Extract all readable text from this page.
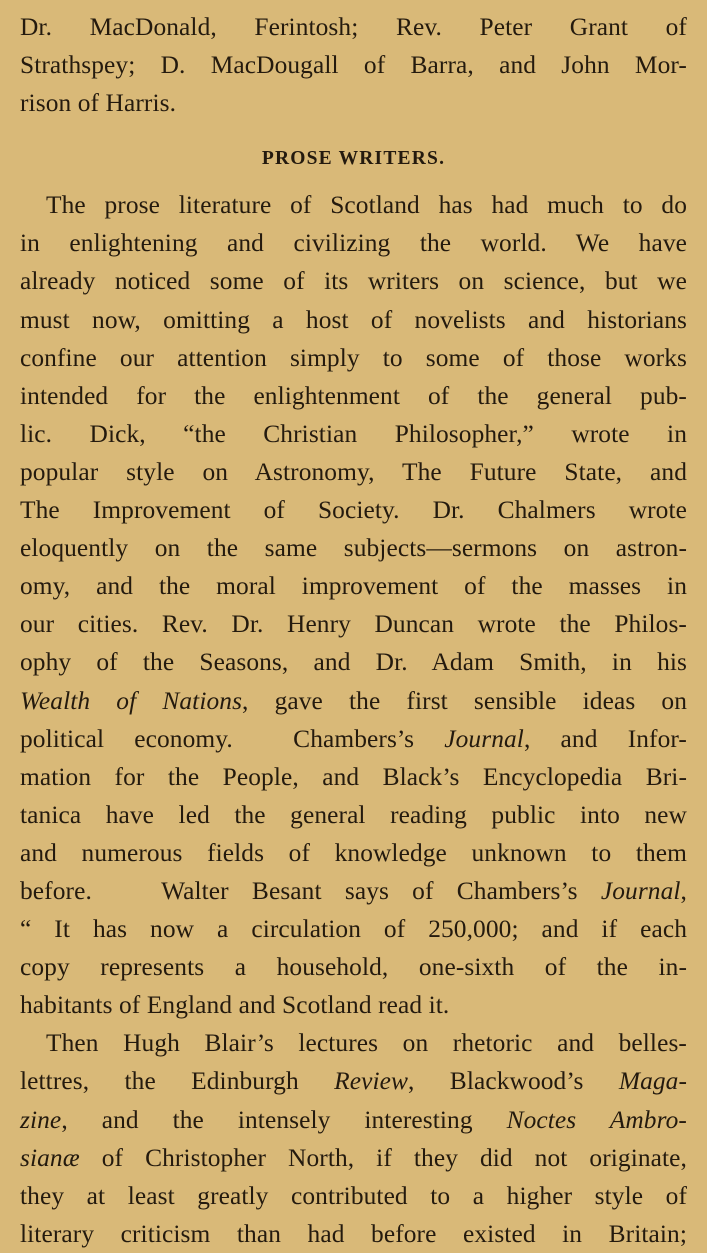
Dr. MacDonald, Ferintosh; Rev. Peter Grant of
Strathspey; D. MacDougall of Barra, and John Mor-
rison of Harris.

PROSE WRITERS.

The prose literature of Scotland has had much to do
in enlightening and civilizing the world. We have
already noticed some of its writers on science, but we
must now, omitting a host of novelists and historians
confine our attention simply to some of those works
intended for the enlightenment of the general pub-
lic. Dick, “the Christian Philosopher,” wrote in
popular style on Astronomy, The Future State, and
The Improvement of Society. Dr. Chalmers wrote
eloquently on the same subjects—sermons on astron-
omy, and the moral improvement of the masses in
our cities. Rev. Dr. Henry Duncan wrote the Philos-
ophy of the Seasons, and Dr. Adam Smith, in his
Wealth of Nations, gave the first sensible ideas on
political economy.  Chambers’s Journal, and Infor-
mation for the People, and Black’s Encyclopedia Bri-
tanica have led the general reading public into new
and numerous fields of knowledge unknown to them
before.   Walter Besant says of Chambers’s Journal,
“ It has now a circulation of 250,000; and if each
copy represents a household, one-sixth of the in-
habitants of England and Scotland read it.

Then Hugh Blair’s lectures on rhetoric and belles-
lettres, the Edinburgh Review, Blackwood’s Maga-
zine, and the intensely interesting Noctes Ambro-
sianæ of Christopher North, if they did not originate,
they at least greatly contributed to a higher style of
literary criticism than had before existed in Britain;
